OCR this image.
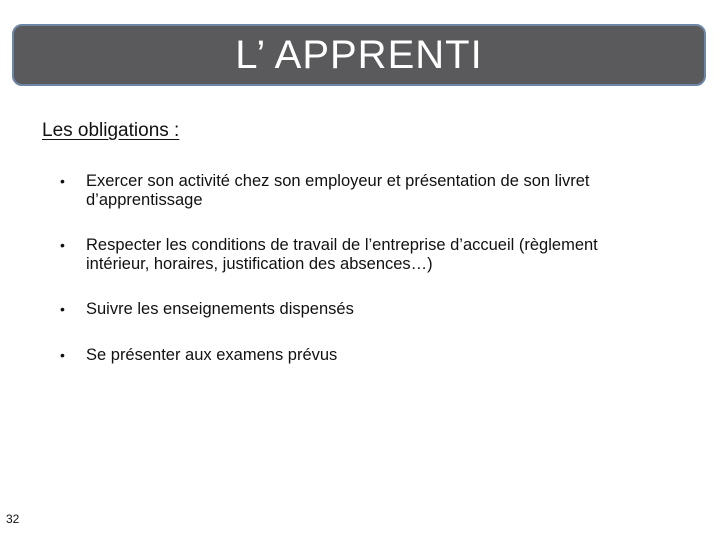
L’ APPRENTI
Les obligations :
•	Exercer son activité chez son employeur et présentation de son livret d’apprentissage
•	Respecter les conditions de travail de l’entreprise d’accueil (règlement intérieur, horaires, justification des absences…)
•	Suivre les enseignements dispensés
•	Se présenter aux examens prévus
32
